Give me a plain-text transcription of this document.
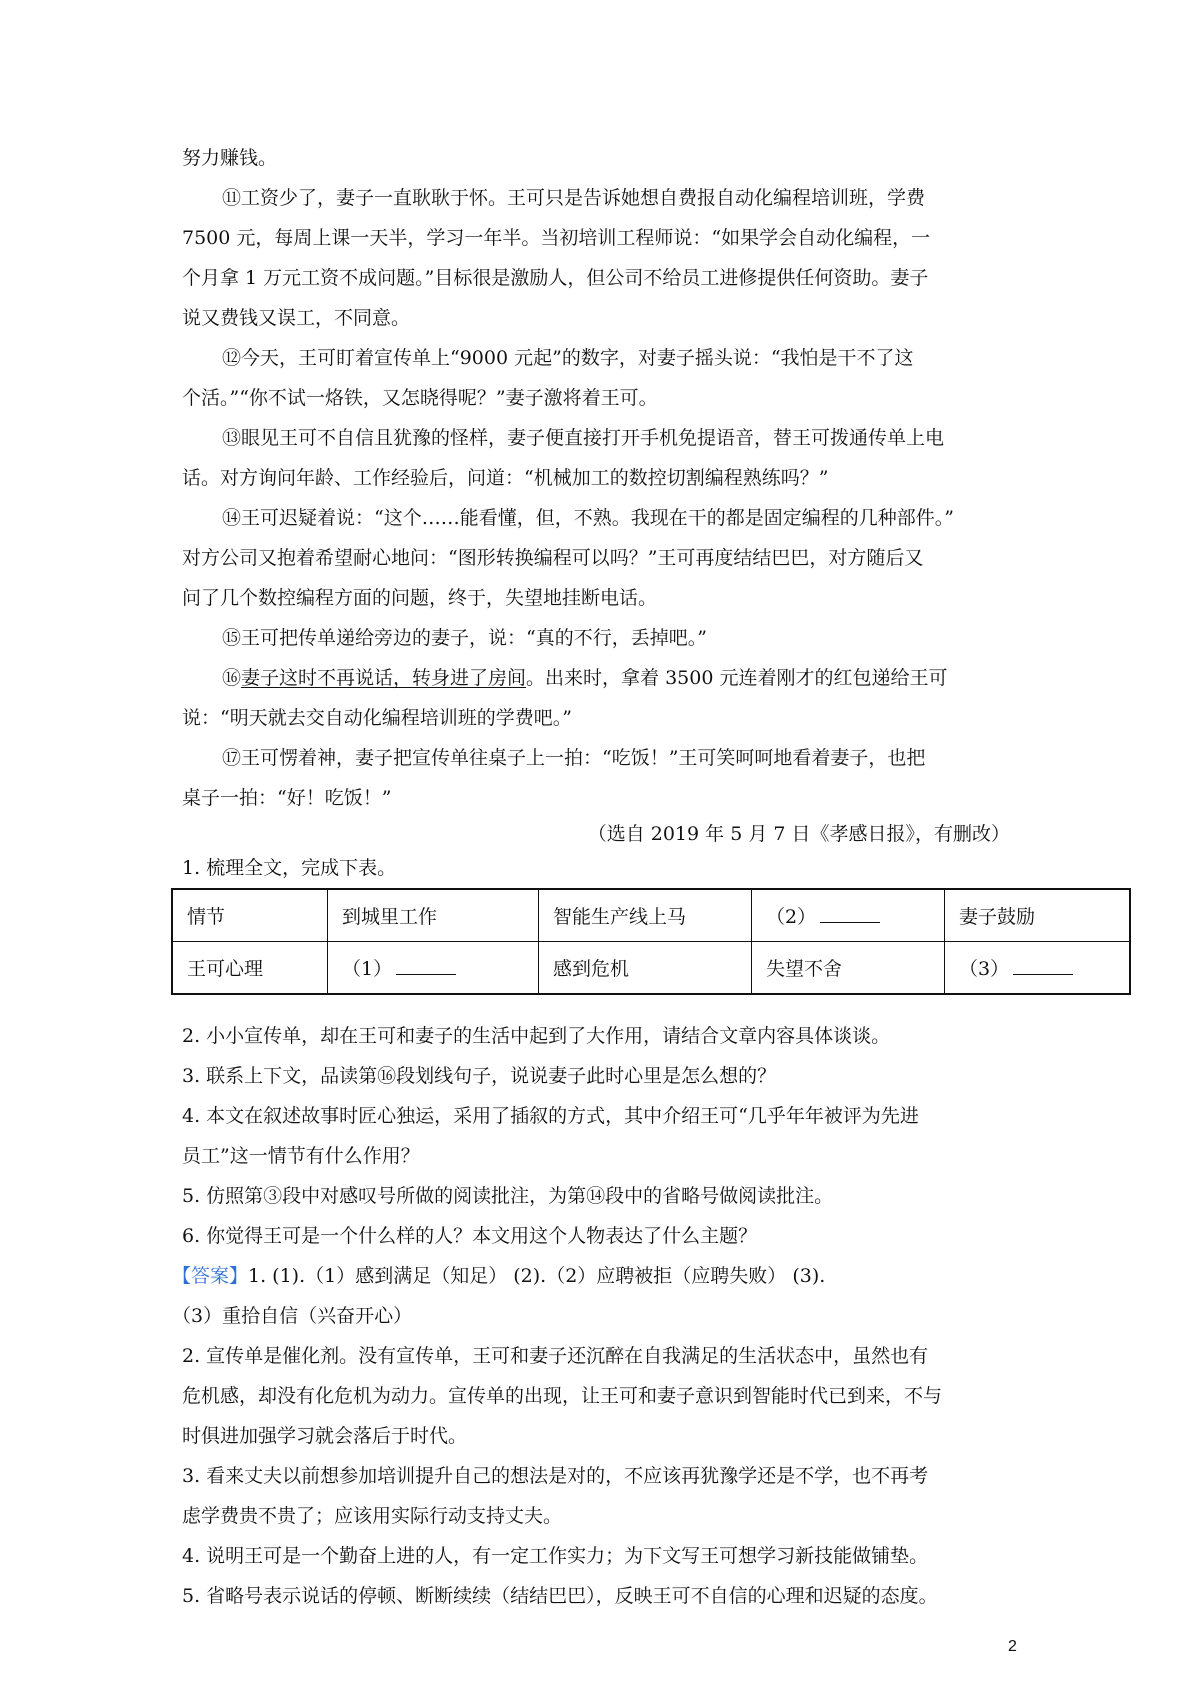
努力赚钱。
⑪工资少了，妻子一直耿耿于怀。王可只是告诉她想自费报自动化编程培训班，学费
7500 元，每周上课一天半，学习一年半。当初培训工程师说：“如果学会自动化编程，一
个月拿 1 万元工资不成问题。”目标很是激励人，但公司不给员工进修提供任何资助。妻子
说又费钱又误工，不同意。
⑫今天，王可盯着宣传单上“9000 元起”的数字，对妻子摇头说：“我怕是干不了这
个活。”“你不试一烙铁，又怎晓得呢？”妻子激将着王可。
⑬眼见王可不自信且犹豫的怪样，妻子便直接打开手机免提语音，替王可拨通传单上电
话。对方询问年龄、工作经验后，问道：“机械加工的数控切割编程熟练吗？”
⑭王可迟疑着说：“这个……能看懂，但，不熟。我现在干的都是固定编程的几种部件。”
对方公司又抱着希望耐心地问：“图形转换编程可以吗？”王可再度结结巴巴，对方随后又
问了几个数控编程方面的问题，终于，失望地挂断电话。
⑮王可把传单递给旁边的妻子，说：“真的不行，丢掉吧。”
⑯妻子这时不再说话，转身进了房间。出来时，拿着 3500 元连着刚才的红包递给王可
说：“明天就去交自动化编程培训班的学费吧。”
⑰王可愣着神，妻子把宣传单往桌子上一拍：“吃饭！”王可笑呵呵地看着妻子，也把
桌子一拍：“好！吃饭！”
（选自 2019 年 5 月 7 日《孝感日报》，有删改）
1. 梳理全文，完成下表。
情节	到城里工作	智能生产线上马	（2）	妻子鼓励
王可心理	（1）	感到危机	失望不舍	（3）
2. 小小宣传单，却在王可和妻子的生活中起到了大作用，请结合文章内容具体谈谈。
3. 联系上下文，品读第⑯段划线句子，说说妻子此时心里是怎么想的？
4. 本文在叙述故事时匠心独运，采用了插叙的方式，其中介绍王可“几乎年年被评为先进
员工”这一情节有什么作用？
5. 仿照第③段中对感叹号所做的阅读批注，为第⑭段中的省略号做阅读批注。
6. 你觉得王可是一个什么样的人？本文用这个人物表达了什么主题？
【答案】1. (1).（1）感到满足（知足） (2).（2）应聘被拒（应聘失败） (3).
（3）重拾自信（兴奋开心）
2. 宣传单是催化剂。没有宣传单，王可和妻子还沉醉在自我满足的生活状态中，虽然也有
危机感，却没有化危机为动力。宣传单的出现，让王可和妻子意识到智能时代已到来，不与
时俱进加强学习就会落后于时代。
3. 看来丈夫以前想参加培训提升自己的想法是对的，不应该再犹豫学还是不学，也不再考
虑学费贵不贵了；应该用实际行动支持丈夫。
4. 说明王可是一个勤奋上进的人，有一定工作实力；为下文写王可想学习新技能做铺垫。
5. 省略号表示说话的停顿、断断续续（结结巴巴），反映王可不自信的心理和迟疑的态度。
2
